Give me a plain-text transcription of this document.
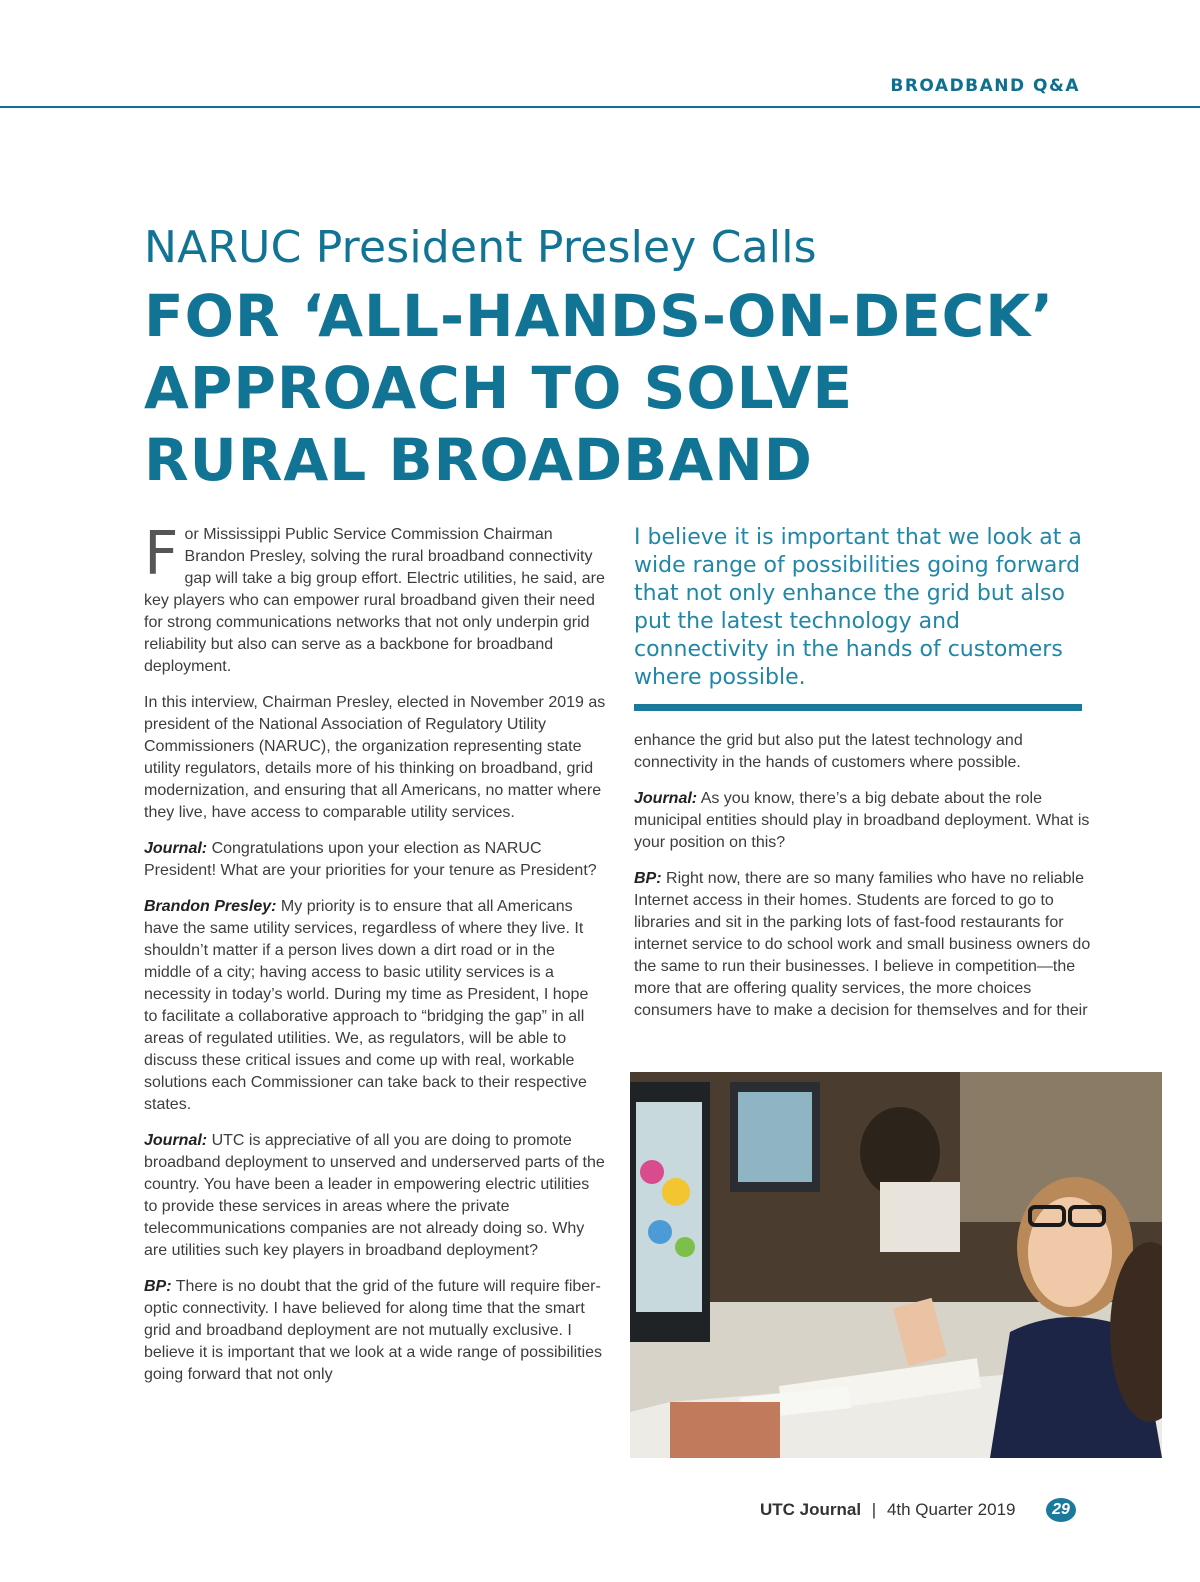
BROADBAND Q&A
NARUC President Presley Calls
FOR ‘ALL-HANDS-ON-DECK’
APPROACH TO SOLVE
RURAL BROADBAND

For Mississippi Public Service Commission Chairman Brandon Presley, solving the rural broadband connectivity gap will take a big group effort. Electric utilities, he said, are key players who can empower rural broadband given their need for strong communications networks that not only underpin grid reliability but also can serve as a backbone for broadband deployment.

In this interview, Chairman Presley, elected in November 2019 as president of the National Association of Regulatory Utility Commissioners (NARUC), the organization representing state utility regulators, details more of his thinking on broadband, grid modernization, and ensuring that all Americans, no matter where they live, have access to comparable utility services.

Journal: Congratulations upon your election as NARUC President! What are your priorities for your tenure as President?

Brandon Presley: My priority is to ensure that all Americans have the same utility services, regardless of where they live. It shouldn’t matter if a person lives down a dirt road or in the middle of a city; having access to basic utility services is a necessity in today’s world. During my time as President, I hope to facilitate a collaborative approach to “bridging the gap” in all areas of regulated utilities. We, as regulators, will be able to discuss these critical issues and come up with real, workable solutions each Commissioner can take back to their respective states.

Journal: UTC is appreciative of all you are doing to promote broadband deployment to unserved and underserved parts of the country. You have been a leader in empowering electric utilities to provide these services in areas where the private telecommunications companies are not already doing so. Why are utilities such key players in broadband deployment?

BP: There is no doubt that the grid of the future will require fiber-optic connectivity. I have believed for along time that the smart grid and broadband deployment are not mutually exclusive. I believe it is important that we look at a wide range of possibilities going forward that not only

I believe it is important that we look at a wide range of possibilities going forward that not only enhance the grid but also put the latest technology and connectivity in the hands of customers where possible.

enhance the grid but also put the latest technology and connectivity in the hands of customers where possible.

Journal: As you know, there’s a big debate about the role municipal entities should play in broadband deployment. What is your position on this?

BP: Right now, there are so many families who have no reliable Internet access in their homes. Students are forced to go to libraries and sit in the parking lots of fast-food restaurants for internet service to do school work and small business owners do the same to run their businesses. I believe in competition—the more that are offering quality services, the more choices consumers have to make a decision for themselves and for their

UTC Journal | 4th Quarter 2019	29
